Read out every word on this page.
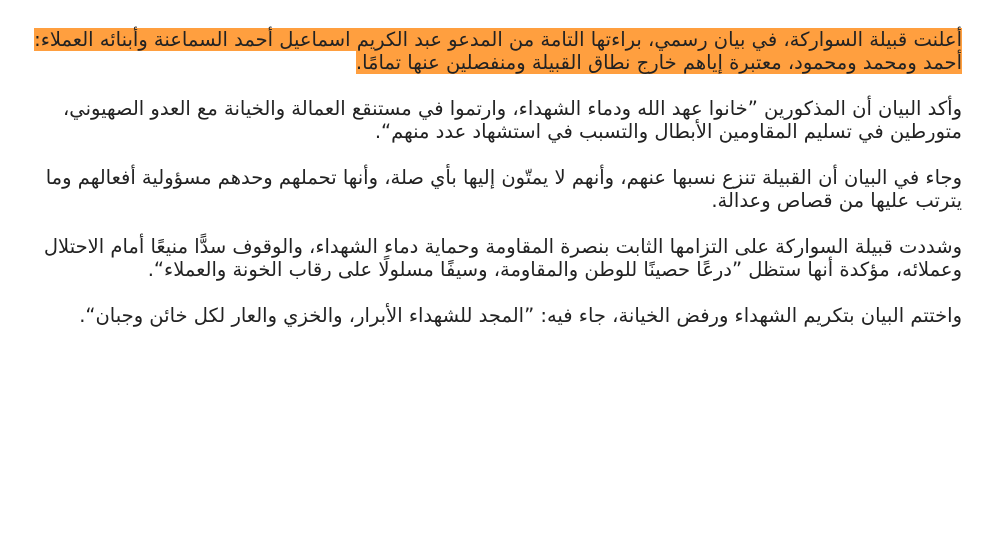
أعلنت قبيلة السواركة، في بيان رسمي، براءتها التامة من المدعو عبد الكريم اسماعيل أحمد السماعنة وأبنائه العملاء: أحمد ومحمد ومحمود، معتبرة إياهم خارج نطاق القبيلة ومنفصلين عنها تمامًا.

وأكد البيان أن المذكورين ”خانوا عهد الله ودماء الشهداء، وارتموا في مستنقع العمالة والخيانة مع العدو الصهيوني، متورطين في تسليم المقاومين الأبطال والتسبب في استشهاد عدد منهم“.

وجاء في البيان أن القبيلة تنزع نسبها عنهم، وأنهم لا يمتّون إليها بأي صلة، وأنها تحملهم وحدهم مسؤولية أفعالهم وما يترتب عليها من قصاص وعدالة.

وشددت قبيلة السواركة على التزامها الثابت بنصرة المقاومة وحماية دماء الشهداء، والوقوف سدًّا منيعًا أمام الاحتلال وعملائه، مؤكدة أنها ستظل ”درعًا حصينًا للوطن والمقاومة، وسيفًا مسلولًا على رقاب الخونة والعملاء“.

واختتم البيان بتكريم الشهداء ورفض الخيانة، جاء فيه: ”المجد للشهداء الأبرار، والخزي والعار لكل خائن وجبان“.
